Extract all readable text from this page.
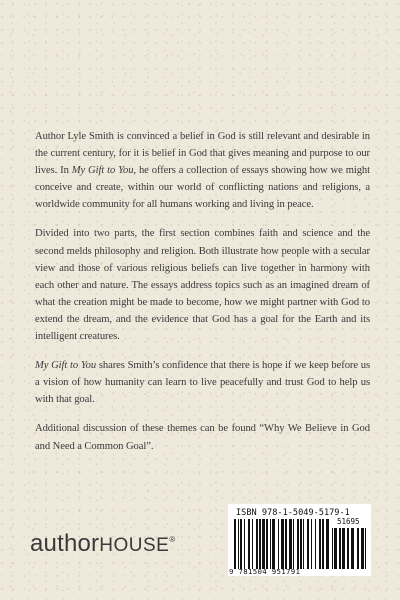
Author Lyle Smith is convinced a belief in God is still relevant and desirable in the current century, for it is belief in God that gives meaning and purpose to our lives. In My Gift to You, he offers a collection of essays showing how we might conceive and create, within our world of conflicting nations and religions, a worldwide community for all humans working and living in peace.

Divided into two parts, the first section combines faith and science and the second melds philosophy and religion. Both illustrate how people with a secular view and those of various religious beliefs can live together in harmony with each other and nature. The essays address topics such as an imagined dream of what the creation might be made to become, how we might partner with God to extend the dream, and the evidence that God has a goal for the Earth and its intelligent creatures.

My Gift to You shares Smith’s confidence that there is hope if we keep before us a vision of how humanity can learn to live peacefully and trust God to help us with that goal.

Additional discussion of these themes can be found “Why We Believe in God and Need a Common Goal”.

authorHOUSE®
ISBN 978-1-5049-5179-1
51695
9 781504 951791
